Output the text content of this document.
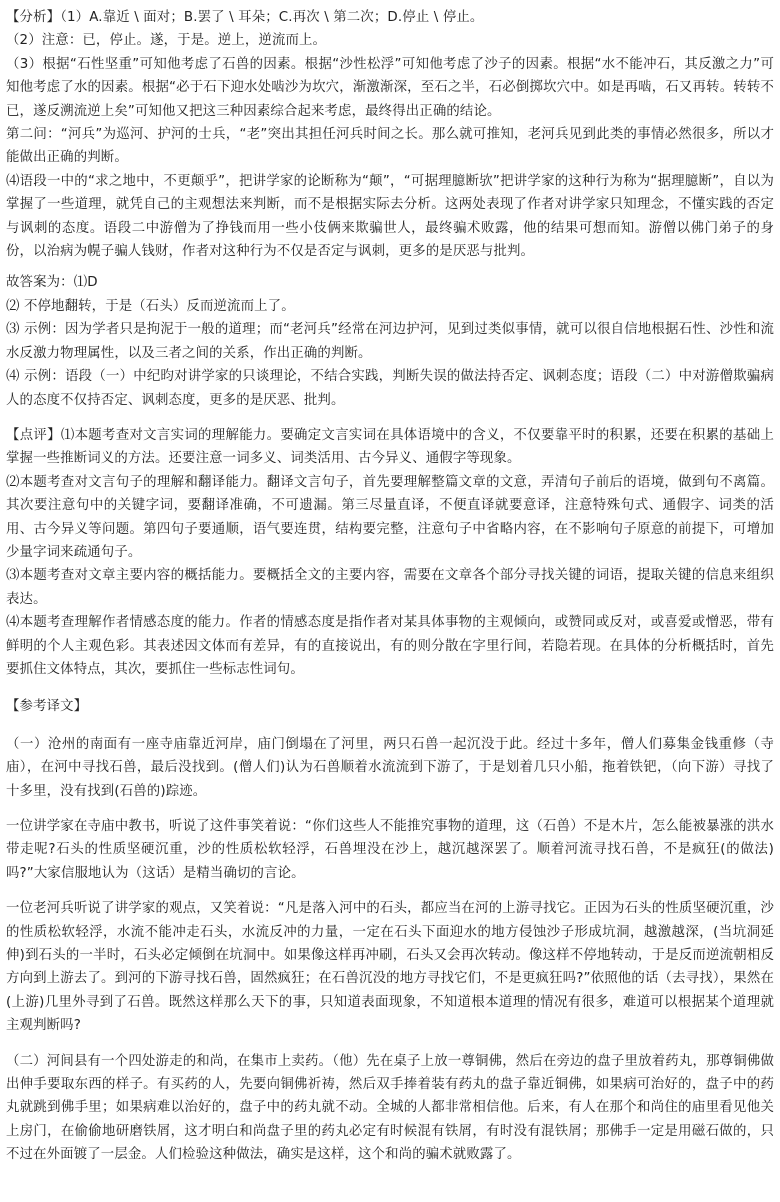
【分析】（1）A.靠近 \ 面对；B.罢了 \ 耳朵；C.再次 \ 第二次；D.停止 \ 停止。

（2）注意：已，停止。遂，于是。逆上，逆流而上。

（3）根据“石性坚重”可知他考虑了石兽的因素。根据“沙性松浮”可知他考虑了沙子的因素。根据“水不能冲石，其反激之力”可知他考虑了水的因素。根据“必于石下迎水处啮沙为坎穴，渐激渐深，至石之半，石必倒掷坎穴中。如是再啮，石又再转。转转不已，遂反溯流逆上矣”可知他又把这三种因素综合起来考虑，最终得出正确的结论。

第二问：“河兵”为巡河、护河的士兵，“老”突出其担任河兵时间之长。那么就可推知，老河兵见到此类的事情必然很多，所以才能做出正确的判断。

⑷语段一中的“求之地中，不更颠乎”，把讲学家的论断称为“颠”，“可据理臆断欤”把讲学家的这种行为称为“据理臆断”，自以为掌握了一些道理，就凭自己的主观想法来判断，而不是根据实际去分析。这两处表现了作者对讲学家只知理念，不懂实践的否定与讽刺的态度。语段二中游僧为了挣钱而用一些小伎俩来欺骗世人，最终骗术败露，他的结果可想而知。游僧以佛门弟子的身份，以治病为幌子骗人钱财，作者对这种行为不仅是否定与讽刺，更多的是厌恶与批判。

故答案为：⑴D

⑵ 不停地翻转，于是（石头）反而逆流而上了。

⑶ 示例：因为学者只是拘泥于一般的道理；而“老河兵”经常在河边护河，见到过类似事情，就可以很自信地根据石性、沙性和流水反激力物理属性，以及三者之间的关系，作出正确的判断。

⑷ 示例：语段（一）中纪昀对讲学家的只谈理论，不结合实践，判断失误的做法持否定、讽刺态度；语段（二）中对游僧欺骗病人的态度不仅持否定、讽刺态度，更多的是厌恶、批判。

【点评】⑴本题考查对文言实词的理解能力。要确定文言实词在具体语境中的含义，不仅要靠平时的积累，还要在积累的基础上掌握一些推断词义的方法。还要注意一词多义、词类活用、古今异义、通假字等现象。

⑵本题考查对文言句子的理解和翻译能力。翻译文言句子，首先要理解整篇文章的文意，弄清句子前后的语境，做到句不离篇。其次要注意句中的关键字词，要翻译准确，不可遗漏。第三尽量直译，不便直译就要意译，注意特殊句式、通假字、词类的活用、古今异义等问题。第四句子要通顺，语气要连贯，结构要完整，注意句子中省略内容，在不影响句子原意的前提下，可增加少量字词来疏通句子。

⑶本题考查对文章主要内容的概括能力。要概括全文的主要内容，需要在文章各个部分寻找关键的词语，提取关键的信息来组织表达。

⑷本题考查理解作者情感态度的能力。作者的情感态度是指作者对某具体事物的主观倾向，或赞同或反对，或喜爱或憎恶，带有鲜明的个人主观色彩。其表述因文体而有差异，有的直接说出，有的则分散在字里行间，若隐若现。在具体的分析概括时，首先要抓住文体特点，其次，要抓住一些标志性词句。

【参考译文】

（一）沧州的南面有一座寺庙靠近河岸，庙门倒塌在了河里，两只石兽一起沉没于此。经过十多年，僧人们募集金钱重修（寺庙），在河中寻找石兽，最后没找到。(僧人们)认为石兽顺着水流流到下游了，于是划着几只小船，拖着铁钯，（向下游）寻找了十多里，没有找到(石兽的)踪迹。

一位讲学家在寺庙中教书，听说了这件事笑着说：“你们这些人不能推究事物的道理，这（石兽）不是木片，怎么能被暴涨的洪水带走呢?石头的性质坚硬沉重，沙的性质松软轻浮，石兽埋没在沙上，越沉越深罢了。顺着河流寻找石兽，不是疯狂(的做法)吗?”大家信服地认为（这话）是精当确切的言论。

一位老河兵听说了讲学家的观点，又笑着说：“凡是落入河中的石头，都应当在河的上游寻找它。正因为石头的性质坚硬沉重，沙的性质松软轻浮，水流不能冲走石头，水流反冲的力量，一定在石头下面迎水的地方侵蚀沙子形成坑洞，越激越深，(当坑洞延伸)到石头的一半时，石头必定倾倒在坑洞中。如果像这样再冲刷，石头又会再次转动。像这样不停地转动，于是反而逆流朝相反方向到上游去了。到河的下游寻找石兽，固然疯狂；在石兽沉没的地方寻找它们，不是更疯狂吗?”依照他的话（去寻找），果然在(上游)几里外寻到了石兽。既然这样那么天下的事，只知道表面现象，不知道根本道理的情况有很多，难道可以根据某个道理就主观判断吗?

（二）河间县有一个四处游走的和尚，在集市上卖药。（他）先在桌子上放一尊铜佛，然后在旁边的盘子里放着药丸，那尊铜佛做出伸手要取东西的样子。有买药的人，先要向铜佛祈祷，然后双手捧着装有药丸的盘子靠近铜佛，如果病可治好的，盘子中的药丸就跳到佛手里；如果病难以治好的，盘子中的药丸就不动。全城的人都非常相信他。后来，有人在那个和尚住的庙里看见他关上房门，在偷偷地研磨铁屑，这才明白和尚盘子里的药丸必定有时候混有铁屑，有时没有混铁屑；那佛手一定是用磁石做的，只不过在外面镀了一层金。人们检验这种做法，确实是这样，这个和尚的骗术就败露了。
